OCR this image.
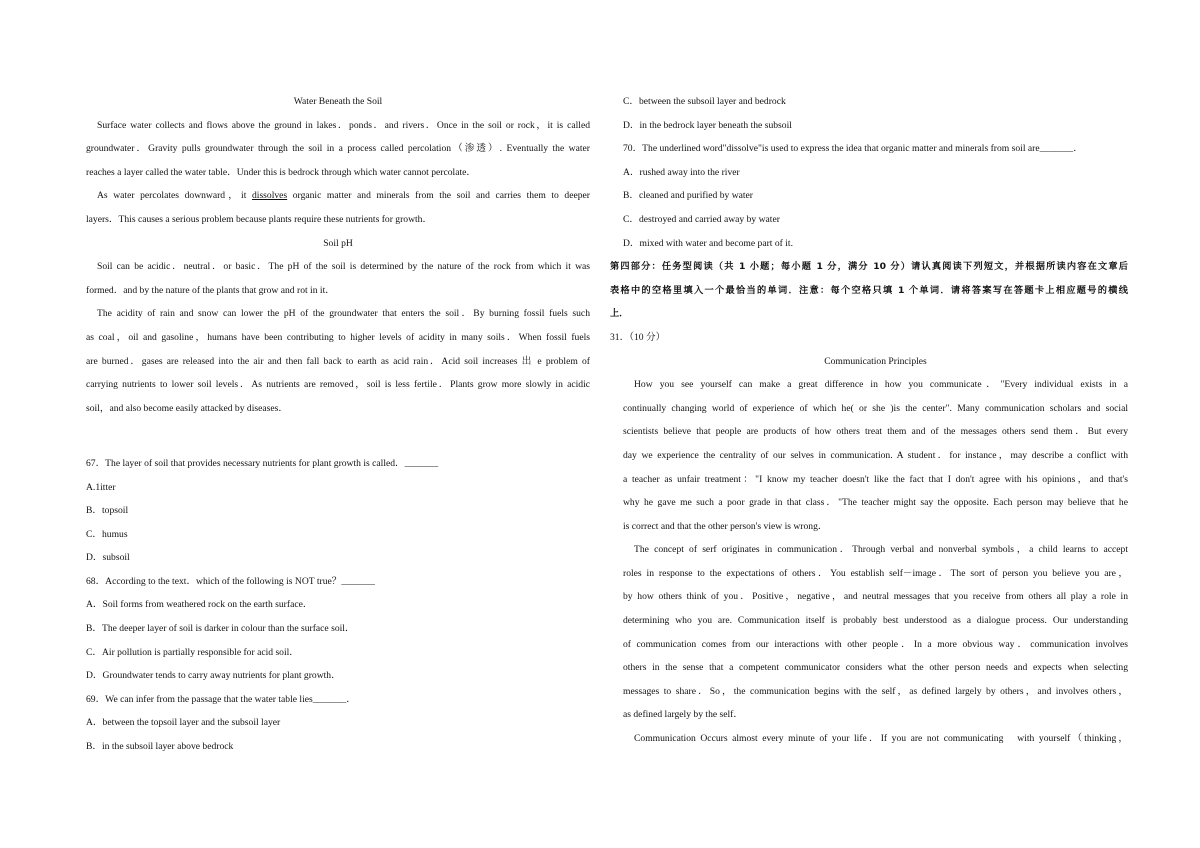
Water Beneath the Soil
Surface water collects and flows above the ground in lakes．ponds．and rivers．Once in the soil or rock，it is called
groundwater．Gravity pulls groundwater through the soil in a process called percolation（渗透）. Eventually the water
reaches a layer called the water table．Under this is bedrock through which water cannot percolate．
As water percolates downward，it dissolves organic matter and minerals from the soil and carries them to deeper
layers．This causes a serious problem because plants require these nutrients for growth．
Soil pH
Soil can be acidic．neutral．or basic．The pH of the soil is determined by the nature of the rock from which it was
formed．and by the nature of the plants that grow and rot in it．
The acidity of rain and snow can lower the pH of the groundwater that enters the soil．By burning fossil fuels such
as coal，oil and gasoline，humans have been contributing to higher levels of acidity in many soils．When fossil fuels
are burned．gases are released into the air and then fall back to earth as acid rain．Acid soil increases 出 e problem of
carrying nutrients to lower soil levels．As nutrients are removed，soil is less fertile．Plants grow more slowly in acidic
soil，and also become easily attacked by diseases．
67．The layer of soil that provides necessary nutrients for plant growth is called．_______
A.1itter
B．topsoil
C．humus
D．subsoil
68．According to the text．which of the following is NOT true？_______
A．Soil forms from weathered rock on the earth surface．
B．The deeper layer of soil is darker in colour than the surface soil．
C．Air pollution is partially responsible for acid soil．
D．Groundwater tends to carry away nutrients for plant growth．
69．We can infer from the passage that the water table lies_______．
A．between the topsoil layer and the subsoil layer
B．in the subsoil layer above bedrock
C．between the subsoil layer and bedrock
D．in the bedrock layer beneath the subsoil
70．The underlined word"dissolve"is used to express the idea that organic matter and minerals from soil are_______．
A．rushed away into the river
B．cleaned and purified by water
C．destroyed and carried away by water
D．mixed with water and become part of it.
第四部分：任务型阅读（共 1 小题；每小题 1 分，满分 10 分）请认真阅读下列短文，并根据所读内容在文章后
表格中的空格里填入一个最恰当的单词．注意：每个空格只填 1 个单词．请将答案写在答题卡上相应题号的横线
上．
31．（10 分）
Communication Principles
How you see yourself can make a great difference in how you communicate．"Every individual exists in a
continually changing world of experience of which he( or she )is the center". Many communication scholars and social
scientists believe that people are products of how others treat them and of the messages others send them．But every
day we experience the centrality of our selves in communication. A student．for instance，may describe a conflict with
a teacher as unfair treatment："I know my teacher doesn't like the fact that I don't agree with his opinions，and that's
why he gave me such a poor grade in that class．"The teacher might say the opposite. Each person may believe that he
is correct and that the other person's view is wrong．
The concept of serf originates in communication．Through verbal and nonverbal symbols，a child learns to accept
roles in response to the expectations of others．You establish self－image．The sort of person you believe you are，
by how others think of you．Positive，negative，and neutral messages that you receive from others all play a role in
determining who you are. Communication itself is probably best understood as a dialogue process. Our understanding
of communication comes from our interactions with other people．In a more obvious way．communication involves
others in the sense that a competent communicator considers what the other person needs and expects when selecting
messages to share．So，the communication begins with the self，as defined largely by others，and involves others，
as defined largely by the self．
Communication Occurs almost every minute of your life．If you are not communicating　with yourself（thinking，
